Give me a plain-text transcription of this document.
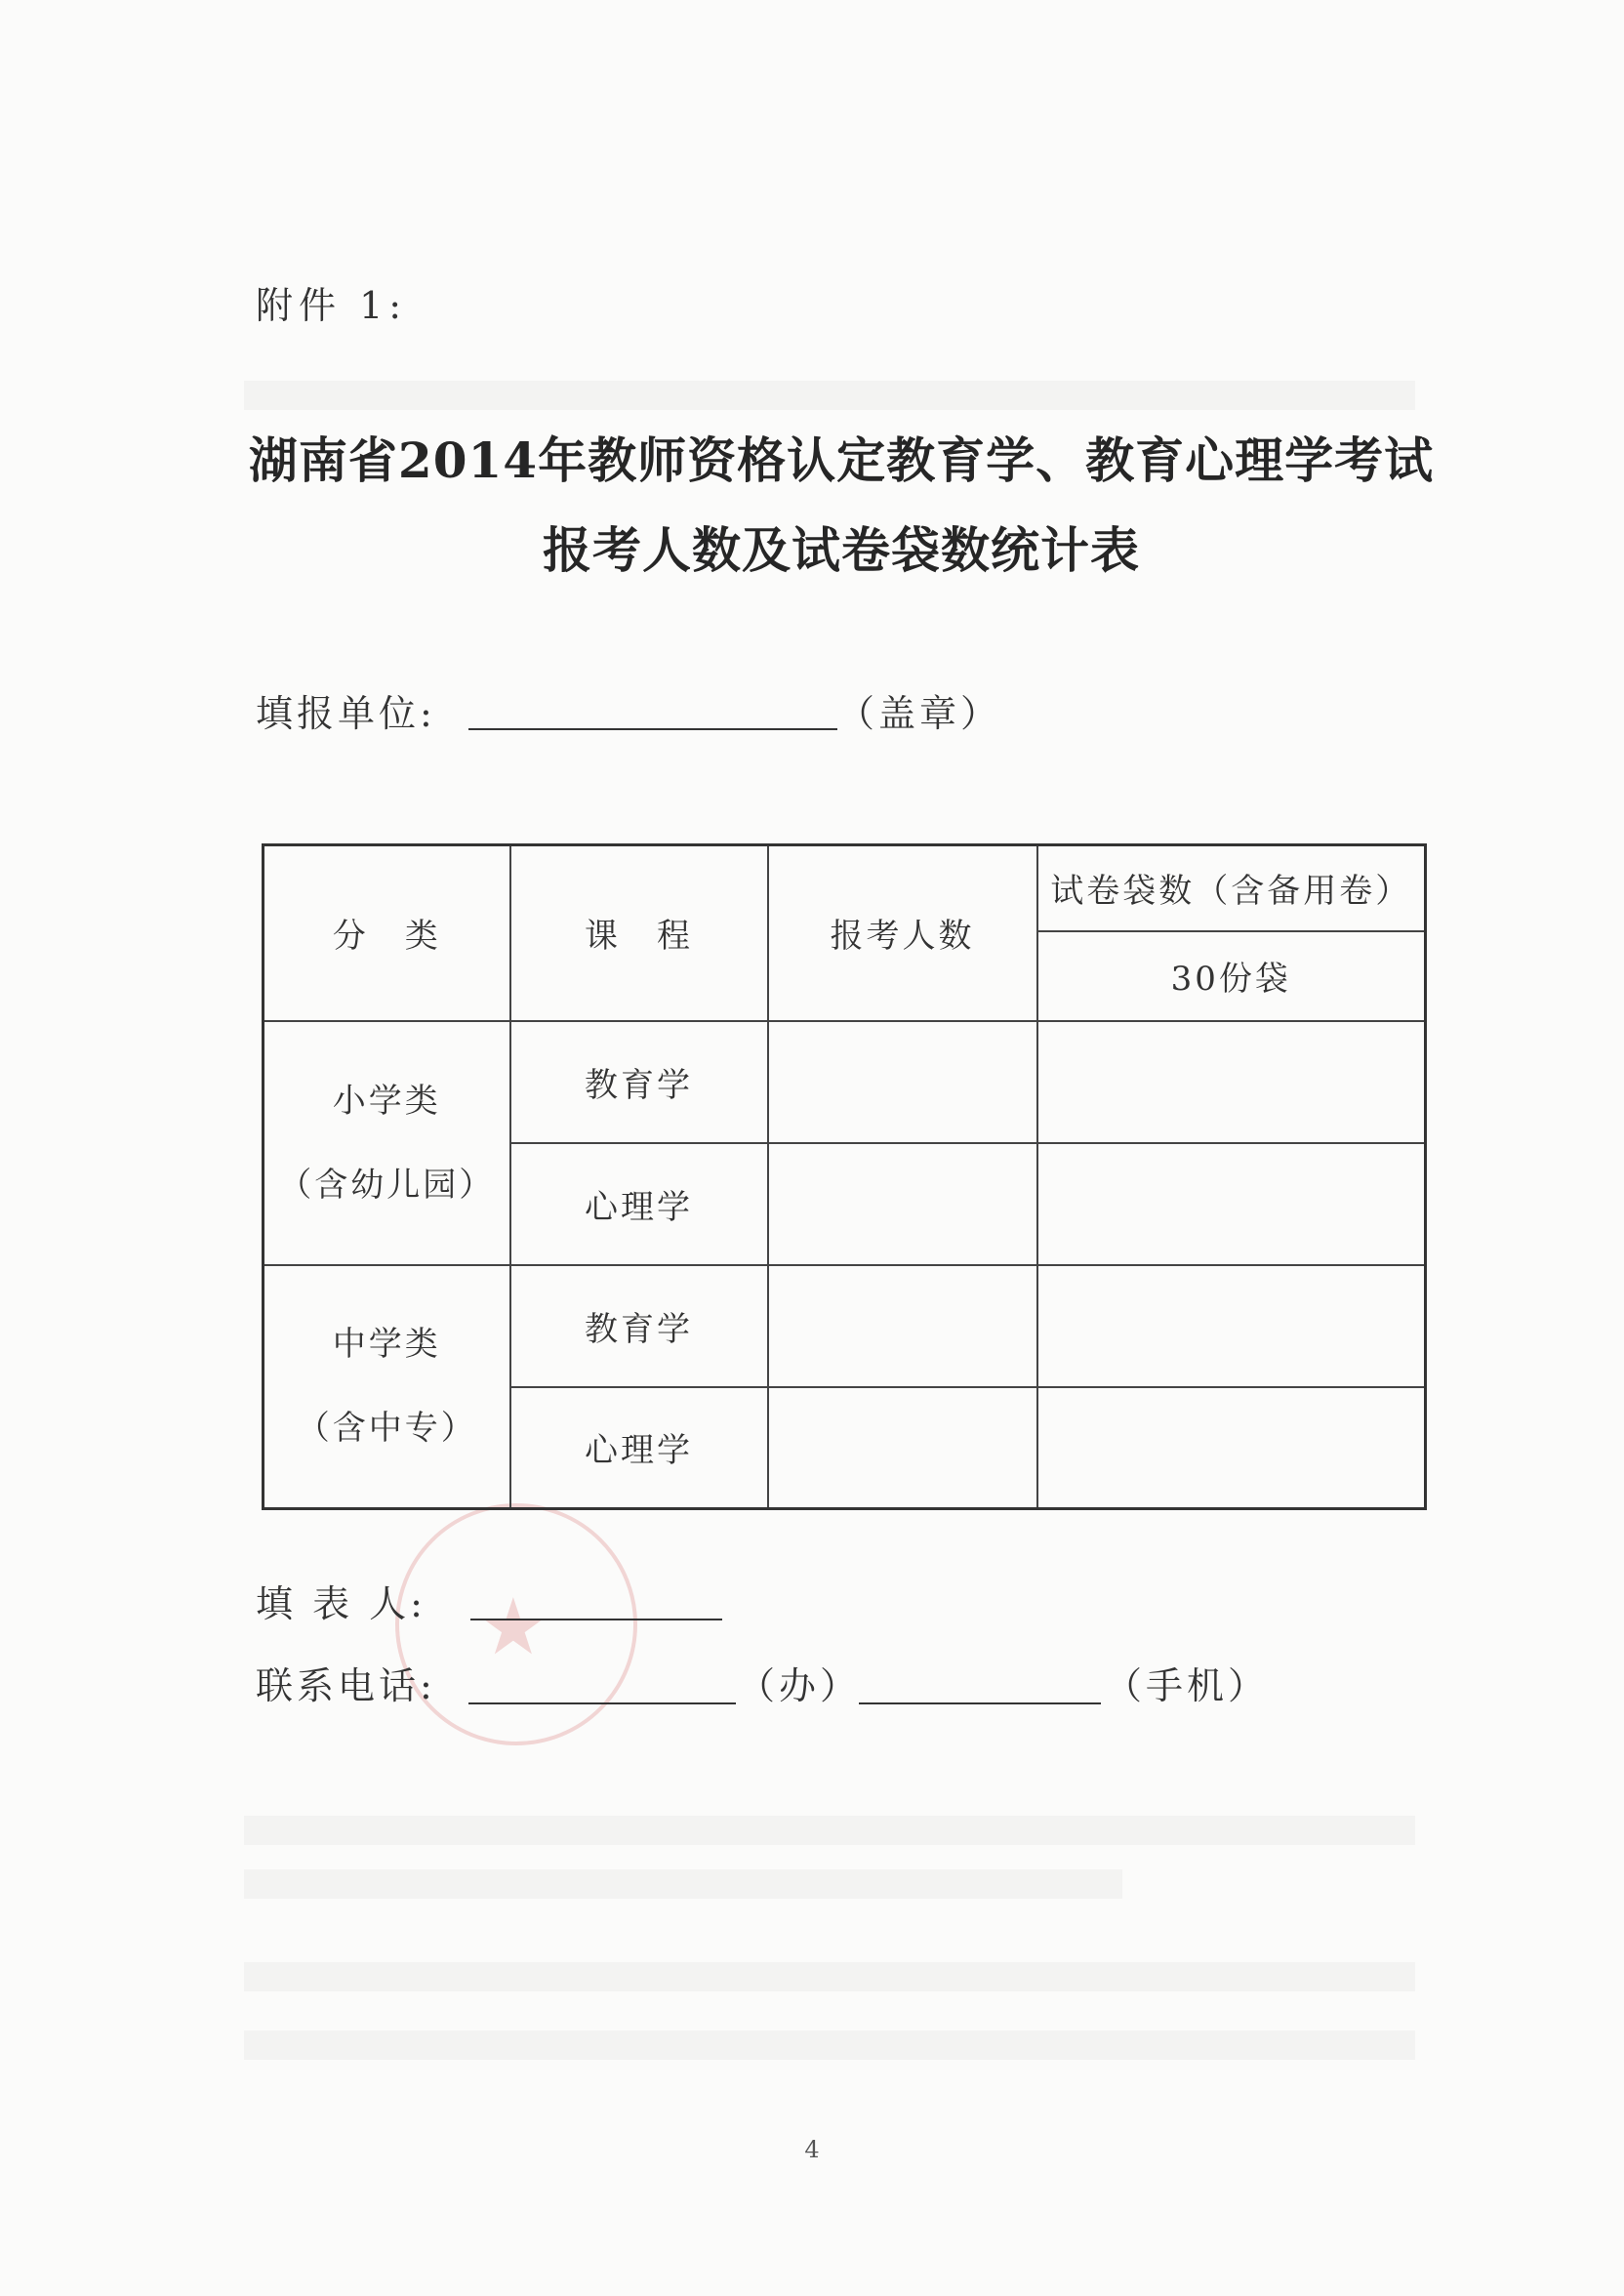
★
附件 1:
湖南省2014年教师资格认定教育学、教育心理学考试
报考人数及试卷袋数统计表
填报单位:	（盖章）
分　类	课　程	报考人数	试卷袋数（含备用卷）
			30份袋

小学类
（含幼儿园）	教育学		
	心理学		

中学类
（含中专）	教育学		
	心理学		
填 表 人:
联系电话:	（办）	（手机）
4
